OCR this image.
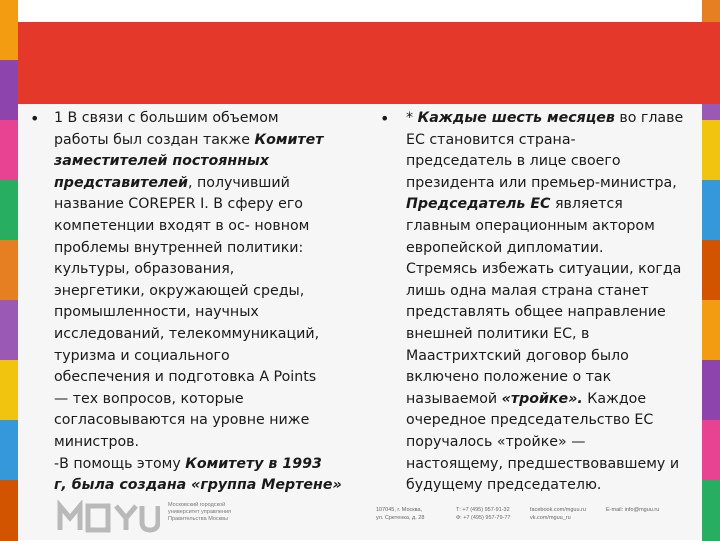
• 1 В связи с большим объемом
работы был создан также Комитет
заместителей постоянных
представителей, получивший
название COREPER I. В сферу его
компетенции входят в ос- новном
проблемы внутренней политики:
культуры, образования,
энергетики, окружающей среды,
промышленности, научных
исследований, телекоммуникаций,
туризма и социального
обеспечения и подготовка A Points
— тех вопросов, которые
согласовываются на уровне ниже
министров.
-В помощь этому Комитету в 1993
г, была создана «группа Мертене»
• * Каждые шесть месяцев во главе
ЕС становится страна-
председатель в лице своего
президента или премьер-министра,
Председатель ЕС является
главным операционным актором
европейской дипломатии.
Стремясь избежать ситуации, когда
лишь одна малая страна станет
представлять общее направление
внешней политики ЕС, в
Маастрихтский договор было
включено положение о так
называемой «тройке». Каждое
очередное председательство ЕС
поручалось «тройке» —
настоящему, предшествовавшему и
будущему председателю.
Московский городской
университет управления
Правительства Москвы
107045, г. Москва,
ул. Сретенка, д. 28
Т: +7 (495) 957-91-32
Ф: +7 (495) 957-79-77
facebook.com/mguu.ru
vk.com/mguu_ru
E-mail: info@mguu.ru
